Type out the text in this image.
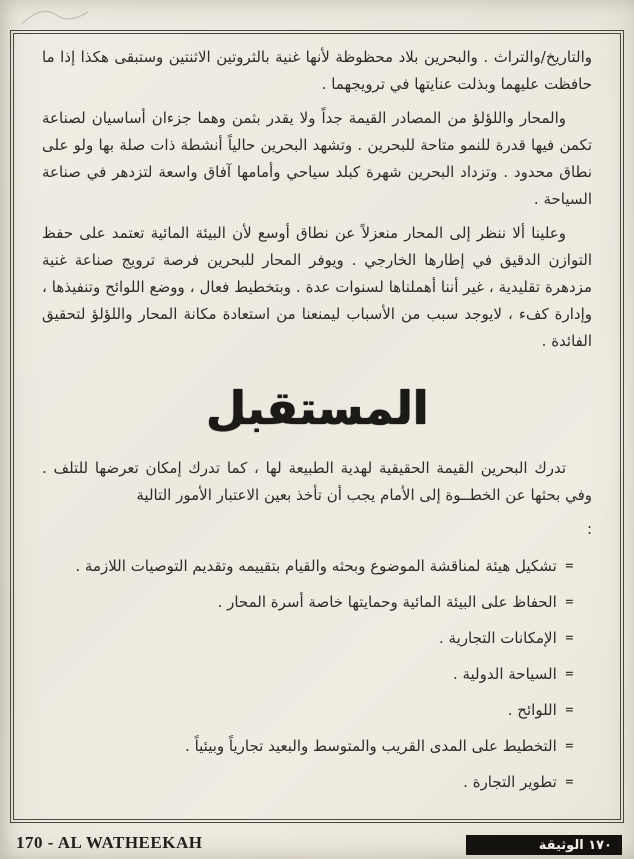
والتاريخ/والتراث . والبحرين بلاد محظوظة لأنها غنية بالثروتين الاثنتين وستبقى هكذا إذا ما حافظت عليهما وبذلت عنايتها في ترويجهما .

والمحار واللؤلؤ من المصادر القيمة جداً ولا يقدر بثمن وهما جزءان أساسيان لصناعة تكمن فيها قدرة للنمو متاحة للبحرين . وتشهد البحرين حالياً أنشطة ذات صلة بها ولو على نطاق محدود . وتزداد البحرين شهرة كبلد سياحي وأمامها آفاق واسعة لتزدهر في صناعة السياحة .

وعلينا ألا ننظر إلى المحار منعزلاً عن نطاق أوسع لأن البيئة المائية تعتمد على حفظ التوازن الدقيق في إطارها الخارجي . ويوفر المحار للبحرين فرصة ترويج صناعة غنية مزدهرة تقليدية ، غير أننا أهملناها لسنوات عدة . وبتخطيط فعال ، ووضع اللوائح وتنفيذها ، وإدارة كفء ، لايوجد سبب من الأسباب ليمنعنا من استعادة مكانة المحار واللؤلؤ لتحقيق الفائدة .

المستقبل

تدرك البحرين القيمة الحقيقية لهدية الطبيعة لها ، كما تدرك إمكان تعرضها للتلف . وفي بحثها عن الخطــوة إلى الأمام يجب أن تأخذ بعين الاعتبار الأمور التالية

:

=
تشكيل هيئة لمناقشة الموضوع وبحثه والقيام بتقييمه وتقديم التوصيات اللازمة .
=
الحفاظ على البيئة المائية وحمايتها خاصة أسرة المحار .
=
الإمكانات التجارية .
=
السياحة الدولية .
=
اللوائح .
=
التخطيط على المدى القريب والمتوسط والبعيد تجارياً وبيئياً .
=
تطوير التجارة .
170 - AL WATHEEKAH	١٧٠ الوثيقة
